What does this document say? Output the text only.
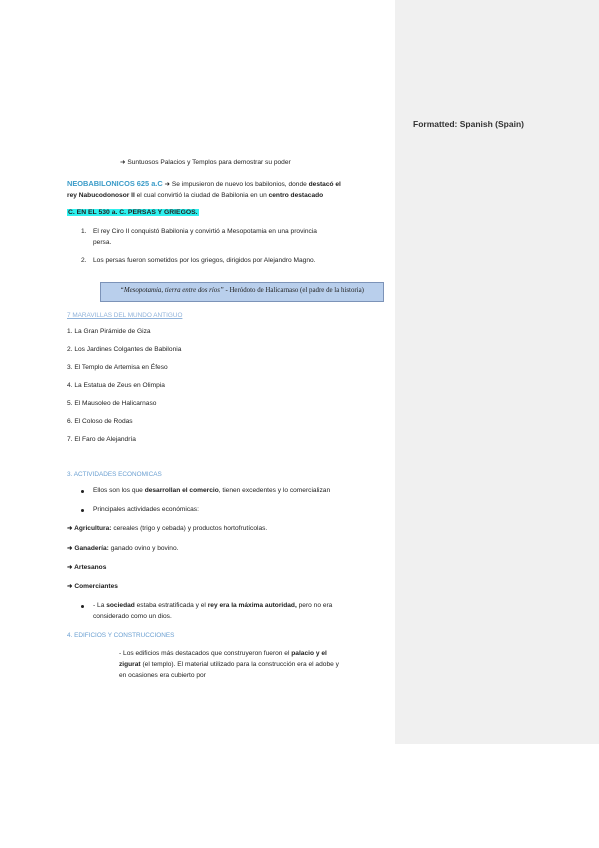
Formatted: Spanish (Spain)
➜ Suntuosos Palacios y Templos para demostrar su poder
NEOBABILONICOS 625 a.C ➜ Se impusieron de nuevo los babilonios, donde destacó el
rey Nabucodonosor II el cual convirtió la ciudad de Babilonia en un centro destacado
C. EN EL 530 a. C. PERSAS Y GRIEGOS.
1. El rey Ciro II conquistó Babilonia y convirtió a Mesopotamia en una provincia
persa.
2. Los persas fueron sometidos por los griegos, dirigidos por Alejandro Magno.
“Mesopotamia, tierra entre dos ríos” - Heródoto de Halicarnaso (el padre de la historia)
7 MARAVILLAS DEL MUNDO ANTIGUO
1. La Gran Pirámide de Giza
2. Los Jardines Colgantes de Babilonia
3. El Templo de Artemisa en Éfeso
4. La Estatua de Zeus en Olimpia
5. El Mausoleo de Halicarnaso
6. El Coloso de Rodas
7. El Faro de Alejandría
3. ACTIVIDADES ECONOMICAS
Ellos son los que desarrollan el comercio, tienen excedentes y lo comercializan
Principales actividades económicas:
➜ Agricultura: cereales (trigo y cebada) y productos hortofrutícolas.
➜ Ganadería: ganado ovino y bovino.
➜ Artesanos
➜ Comerciantes
- La sociedad estaba estratificada y el rey era la máxima autoridad, pero no era
considerado como un dios.
4. EDIFICIOS Y CONSTRUCCIONES
- Los edificios más destacados que construyeron fueron el palacio y el
zigurat (el templo). El material utilizado para la construcción era el adobe y
en ocasiones era cubierto por
